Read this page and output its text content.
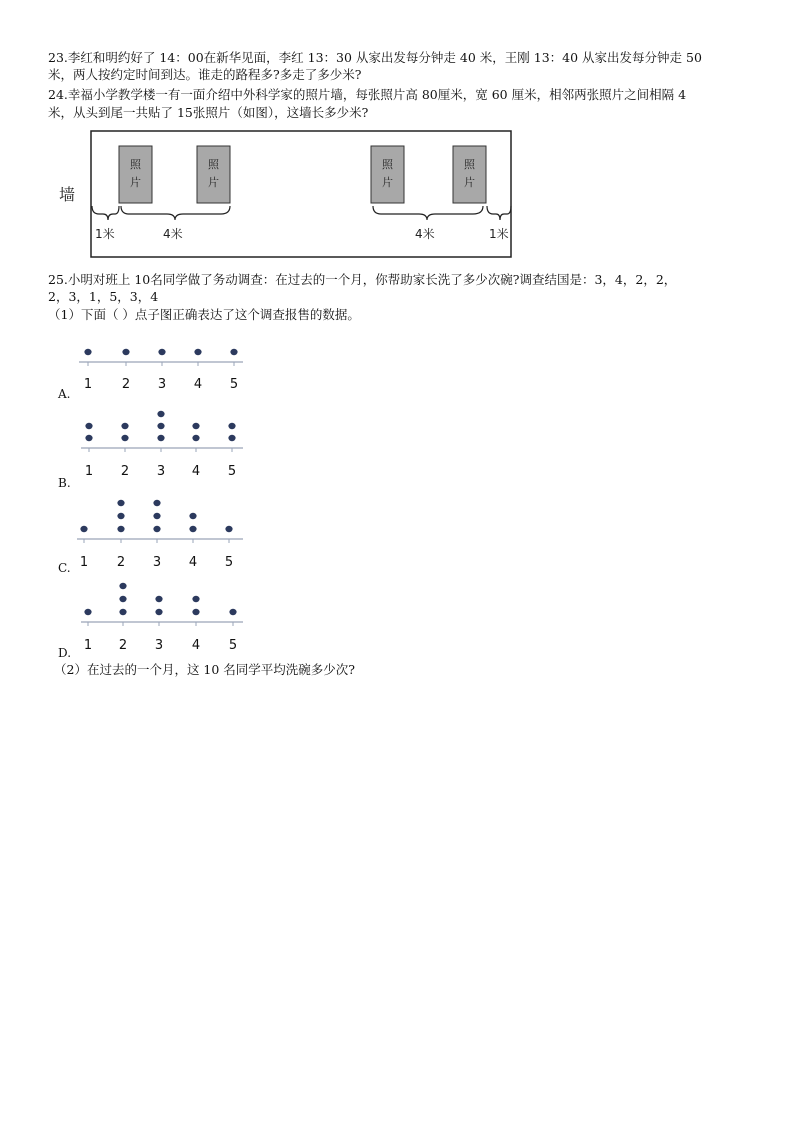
23.李红和明约好了 14：00在新华见面，李红 13：30 从家出发每分钟走 40 米，王刚 13：40 从家出发每分钟走 50
米，两人按约定时间到达。谁走的路程多?多走了多少米?
24.幸福小学教学楼一有一面介绍中外科学家的照片墙，每张照片高 80厘米，宽 60 厘米，相邻两张照片之间相隔 4
米，从头到尾一共贴了 15张照片（如图），这墙长多少米?
墙
照
片
照
片
照
片
照
片
1米	4米	4米	1米
25.小明对班上 10名同学做了务动调查：在过去的一个月，你帮助家长洗了多少次碗?调查结国是：3，4，2，2，
2，3，1，5，3，4
（1）下面（ ）点子图正确表达了这个调查报售的数据。
A.
1 2 3 4 5
B.
1 2 3 4 5
C. 1 2 3 4 5
D. 1 2 3 4 5
（2）在过去的一个月，这 10 名同学平均洗碗多少次?
